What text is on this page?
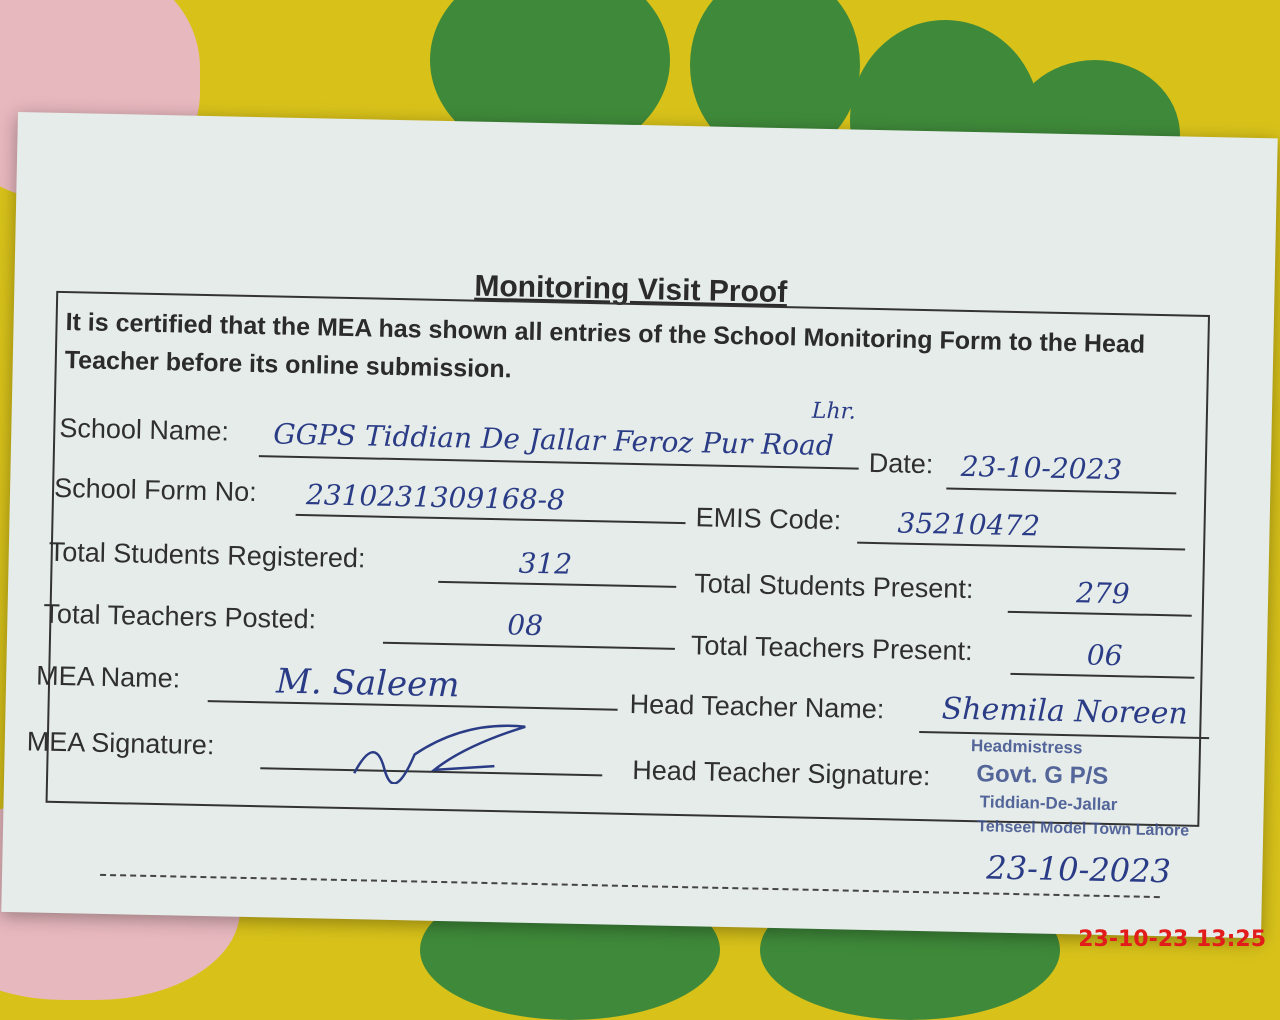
Monitoring Visit Proof
It is certified that the MEA has shown all entries of the School Monitoring Form to the Head Teacher before its online submission.
Lhr.
School Name: GGPS Tiddian De Jallar Feroz Pur Road
Date: 23-10-2023
School Form No: 2310231309168-8
EMIS Code: 35210472
Total Students Registered:	312
Total Students Present:	279
Total Teachers Posted:	08
Total Teachers Present:	06
MEA Name:	M. Saleem
Head Teacher Name: Shemila Noreen
MEA Signature:
Head Teacher Signature:
Headmistress
Govt. G P/S
Tiddian-De-Jallar
Tehseel Model Town Lahore
23-10-2023
23-10-23 13:25
